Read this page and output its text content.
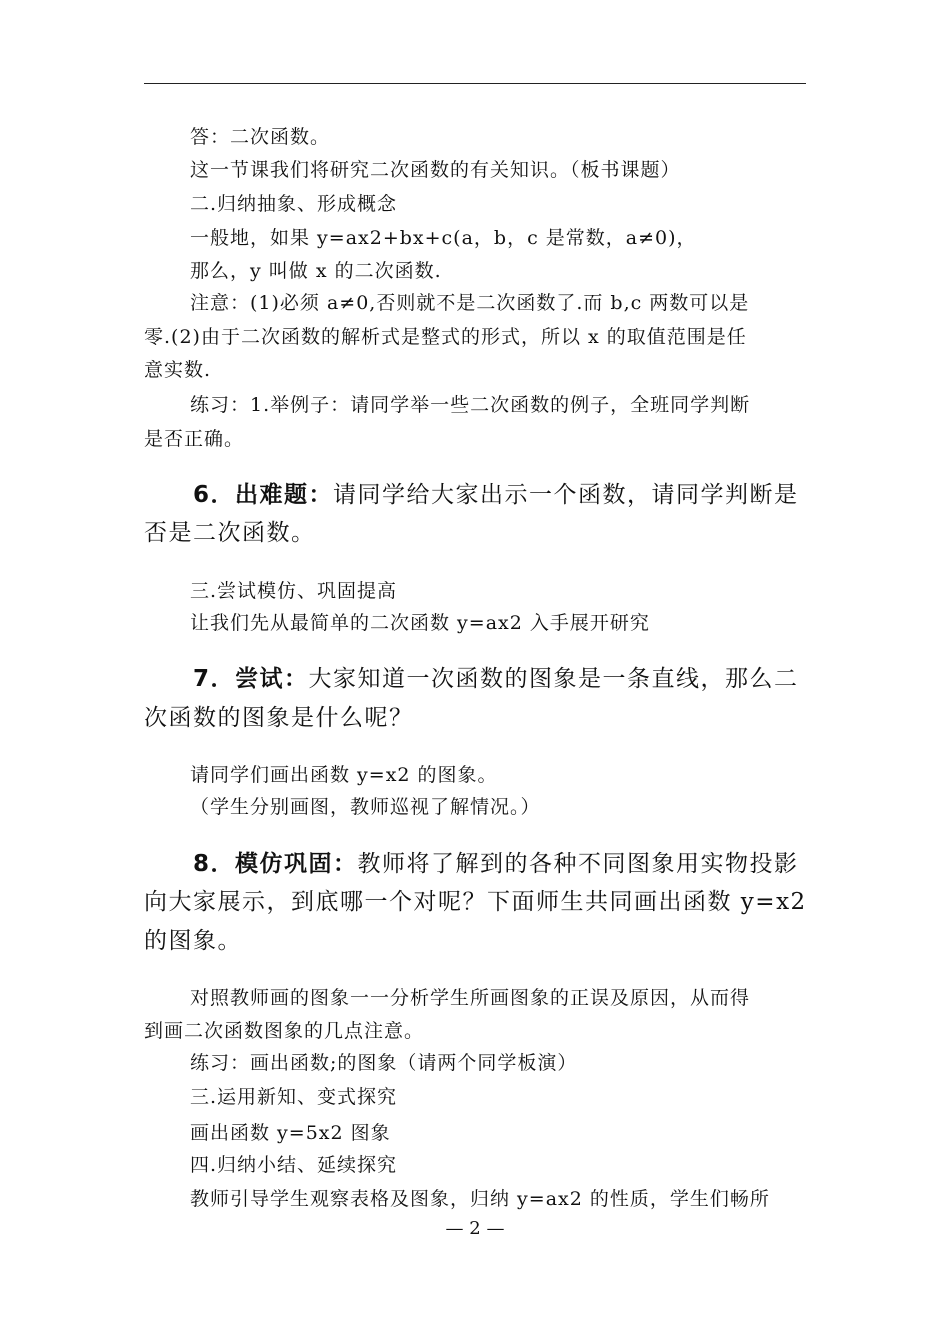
答：二次函数。
这一节课我们将研究二次函数的有关知识。（板书课题）
二.归纳抽象、形成概念
一般地，如果 y=ax2+bx+c(a，b，c 是常数，a≠0)，
那么，y 叫做 x 的二次函数.
注意：(1)必须 a≠0,否则就不是二次函数了.而 b,c 两数可以是
零.(2)由于二次函数的解析式是整式的形式，所以 x 的取值范围是任
意实数.
练习：1.举例子：请同学举一些二次函数的例子，全班同学判断
是否正确。
6．出难题：请同学给大家出示一个函数，请同学判断是
否是二次函数。
三.尝试模仿、巩固提高
让我们先从最简单的二次函数 y=ax2 入手展开研究
7．尝试：大家知道一次函数的图象是一条直线，那么二
次函数的图象是什么呢？
请同学们画出函数 y=x2 的图象。
（学生分别画图，教师巡视了解情况。）
8．模仿巩固：教师将了解到的各种不同图象用实物投影
向大家展示，到底哪一个对呢？下面师生共同画出函数 y=x2
的图象。
对照教师画的图象一一分析学生所画图象的正误及原因，从而得
到画二次函数图象的几点注意。
练习：画出函数;的图象（请两个同学板演）
三.运用新知、变式探究
画出函数 y=5x2 图象
四.归纳小结、延续探究
教师引导学生观察表格及图象，归纳 y=ax2 的性质，学生们畅所
— 2 —
